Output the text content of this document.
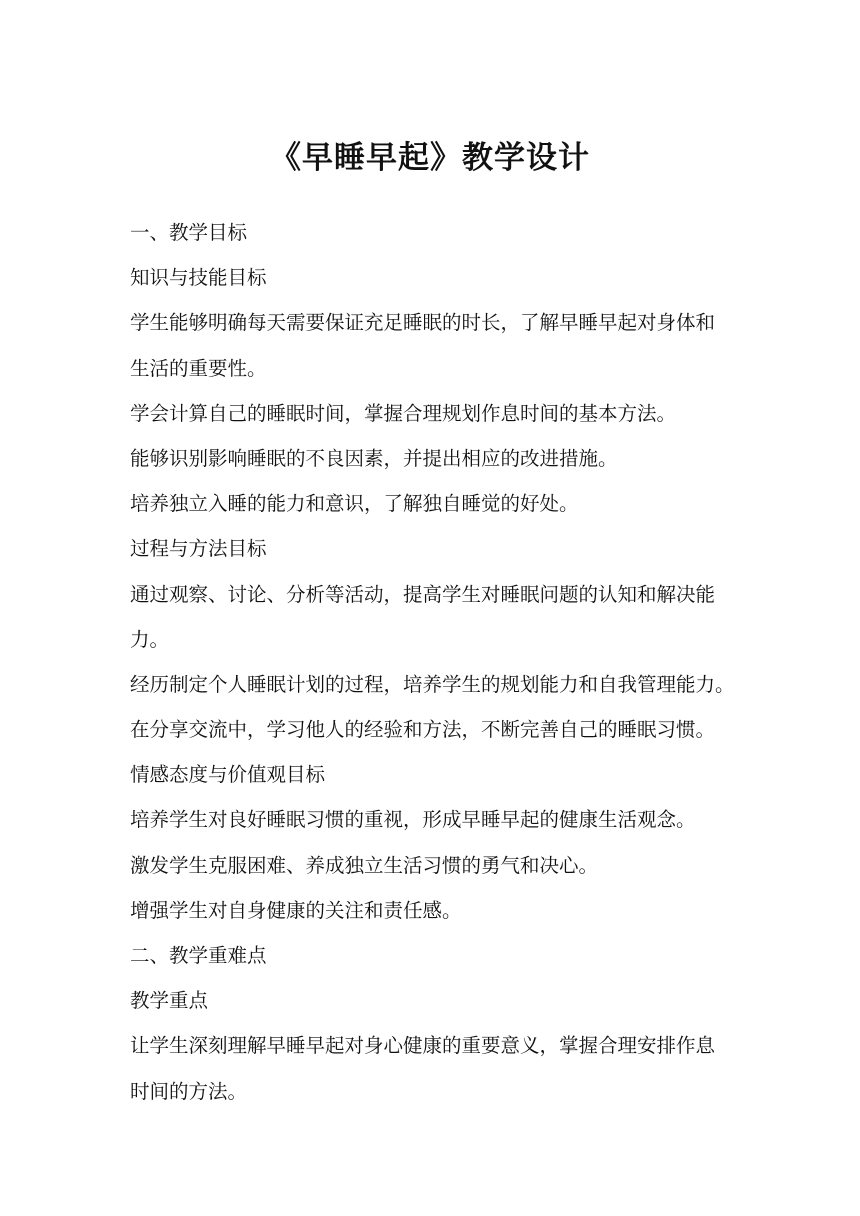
《早睡早起》教学设计
一、教学目标
知识与技能目标
学生能够明确每天需要保证充足睡眠的时长，了解早睡早起对身体和
生活的重要性。
学会计算自己的睡眠时间，掌握合理规划作息时间的基本方法。
能够识别影响睡眠的不良因素，并提出相应的改进措施。
培养独立入睡的能力和意识，了解独自睡觉的好处。
过程与方法目标
通过观察、讨论、分析等活动，提高学生对睡眠问题的认知和解决能
力。
经历制定个人睡眠计划的过程，培养学生的规划能力和自我管理能力。
在分享交流中，学习他人的经验和方法，不断完善自己的睡眠习惯。
情感态度与价值观目标
培养学生对良好睡眠习惯的重视，形成早睡早起的健康生活观念。
激发学生克服困难、养成独立生活习惯的勇气和决心。
增强学生对自身健康的关注和责任感。
二、教学重难点
教学重点
让学生深刻理解早睡早起对身心健康的重要意义，掌握合理安排作息
时间的方法。
